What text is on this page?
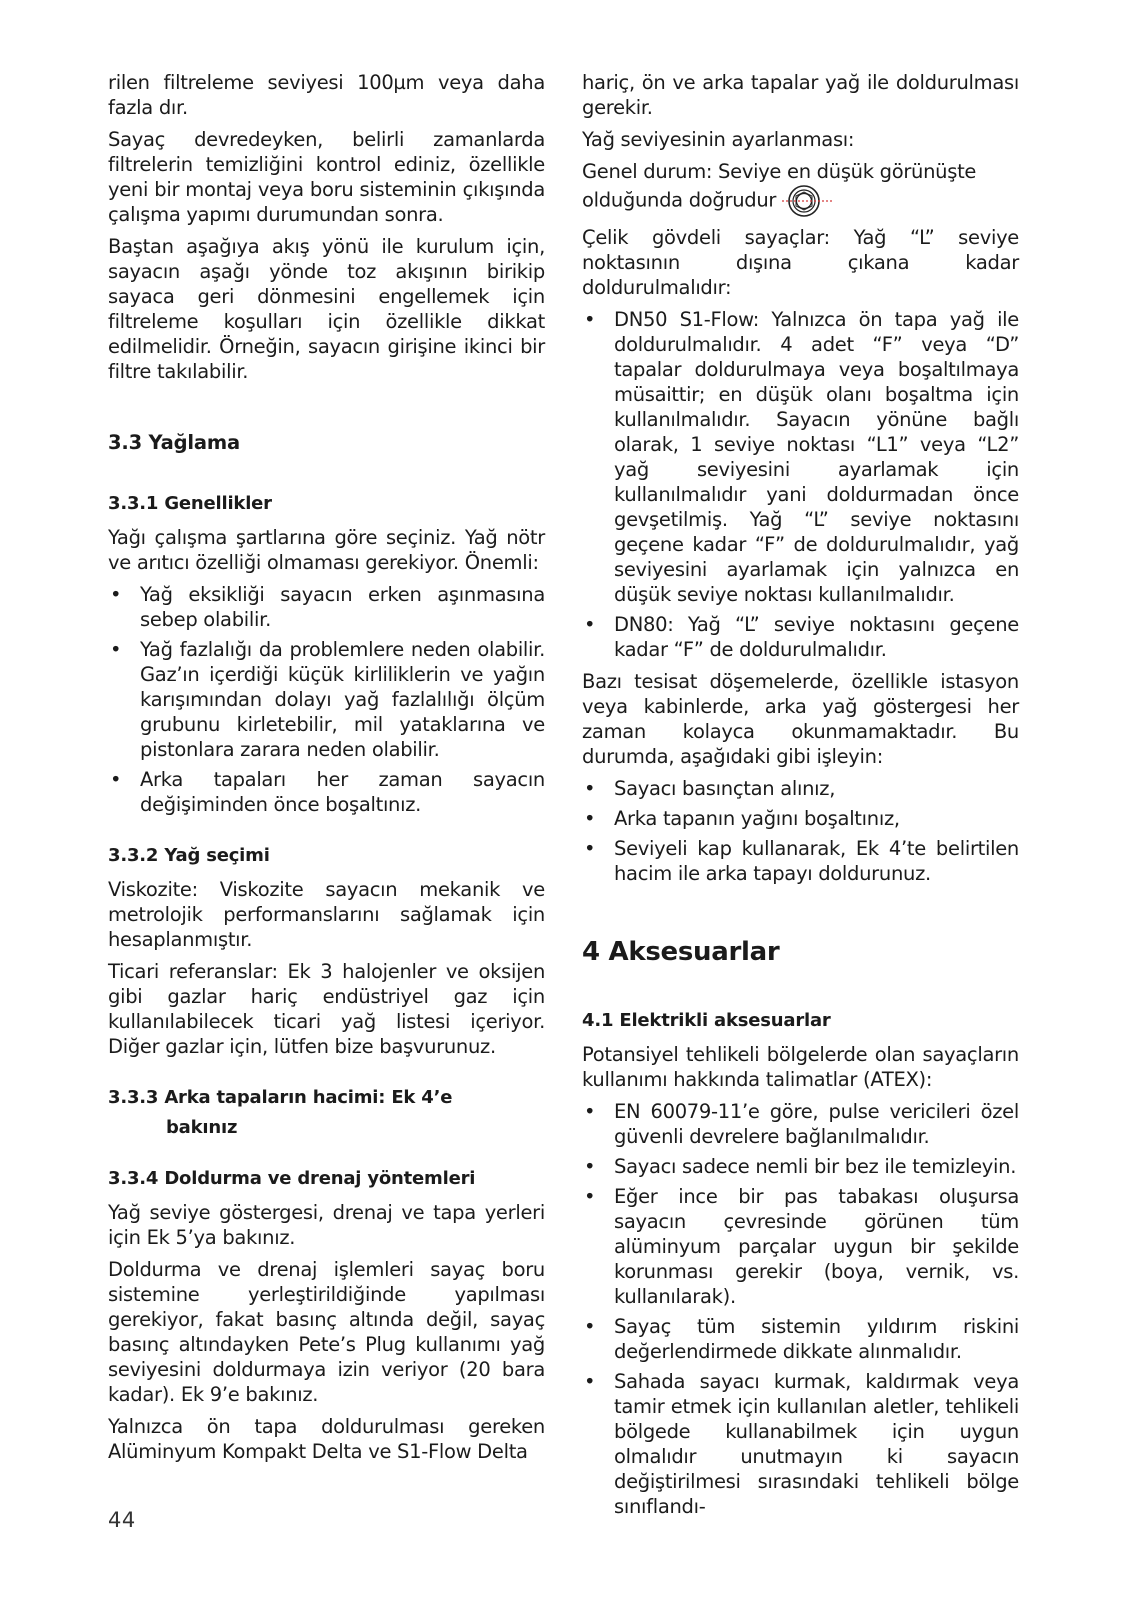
rilen filtreleme seviyesi 100µm veya daha fazla dır.

Sayaç devredeyken, belirli zamanlarda filtrelerin temizliğini kontrol ediniz, özellikle yeni bir montaj veya boru sisteminin çıkışında çalışma yapımı durumundan sonra.

Baştan aşağıya akış yönü ile kurulum için, sayacın aşağı yönde toz akışının birikip sayaca geri dönmesini engellemek için filtreleme koşulları için özellikle dikkat edilmelidir. Örneğin, sayacın girişine ikinci bir filtre takılabilir.

3.3 Yağlama
3.3.1 Genellikler

Yağı çalışma şartlarına göre seçiniz. Yağ nötr ve arıtıcı özelliği olmaması gerekiyor. Önemli:

• Yağ eksikliği sayacın erken aşınmasına sebep olabilir.
• Yağ fazlalığı da problemlere neden olabilir. Gaz’ın içerdiği küçük kirliliklerin ve yağın karışımından dolayı yağ fazlalılığı ölçüm grubunu kirletebilir, mil yataklarına ve pistonlara zarara neden olabilir.
• Arka tapaları her zaman sayacın değişiminden önce boşaltınız.
3.3.2 Yağ seçimi

Viskozite: Viskozite sayacın mekanik ve metrolojik performanslarını sağlamak için hesaplanmıştır.

Ticari referanslar: Ek 3 halojenler ve oksijen gibi gazlar hariç endüstriyel gaz için kullanılabilecek ticari yağ listesi içeriyor. Diğer gazlar için, lütfen bize başvurunuz.

3.3.3 Arka tapaların hacimi: Ek 4’e
bakınız
3.3.4 Doldurma ve drenaj yöntemleri

Yağ seviye göstergesi, drenaj ve tapa yerleri için Ek 5’ya bakınız.

Doldurma ve drenaj işlemleri sayaç boru sistemine yerleştirildiğinde yapılması gerekiyor, fakat basınç altında değil, sayaç basınç altındayken Pete’s Plug kullanımı yağ seviyesini doldurmaya izin veriyor (20 bara kadar). Ek 9’e bakınız.

Yalnızca ön tapa doldurulması gereken Alüminyum Kompakt Delta ve S1-Flow Delta

hariç, ön ve arka tapalar yağ ile doldurulması gerekir.

Yağ seviyesinin ayarlanması:

Genel durum: Seviye en düşük görünüşte olduğunda doğrudur

Çelik gövdeli sayaçlar: Yağ “L” seviye noktasının dışına çıkana kadar doldurulmalıdır:

• DN50 S1-Flow: Yalnızca ön tapa yağ ile doldurulmalıdır. 4 adet “F” veya “D” tapalar doldurulmaya veya boşaltılmaya müsaittir; en düşük olanı boşaltma için kullanılmalıdır. Sayacın yönüne bağlı olarak, 1 seviye noktası “L1” veya “L2” yağ seviyesini ayarlamak için kullanılmalıdır yani doldurmadan önce gevşetilmiş. Yağ “L” seviye noktasını geçene kadar “F” de doldurulmalıdır, yağ seviyesini ayarlamak için yalnızca en düşük seviye noktası kullanılmalıdır.
• DN80: Yağ “L” seviye noktasını geçene kadar “F” de doldurulmalıdır.

Bazı tesisat döşemelerde, özellikle istasyon veya kabinlerde, arka yağ göstergesi her zaman kolayca okunmamaktadır. Bu durumda, aşağıdaki gibi işleyin:

• Sayacı basınçtan alınız,
• Arka tapanın yağını boşaltınız,
• Seviyeli kap kullanarak, Ek 4’te belirtilen hacim ile arka tapayı doldurunuz.
4 Aksesuarlar
4.1 Elektrikli aksesuarlar

Potansiyel tehlikeli bölgelerde olan sayaçların kullanımı hakkında talimatlar (ATEX):

• EN 60079-11’e göre, pulse vericileri özel güvenli devrelere bağlanılmalıdır.
• Sayacı sadece nemli bir bez ile temizleyin.
• Eğer ince bir pas tabakası oluşursa sayacın çevresinde görünen tüm alüminyum parçalar uygun bir şekilde korunması gerekir (boya, vernik, vs. kullanılarak).
• Sayaç tüm sistemin yıldırım riskini değerlendirmede dikkate alınmalıdır.
• Sahada sayacı kurmak, kaldırmak veya tamir etmek için kullanılan aletler, tehlikeli bölgede kullanabilmek için uygun olmalıdır unutmayın ki sayacın değiştirilmesi sırasındaki tehlikeli bölge sınıflandı-
44
